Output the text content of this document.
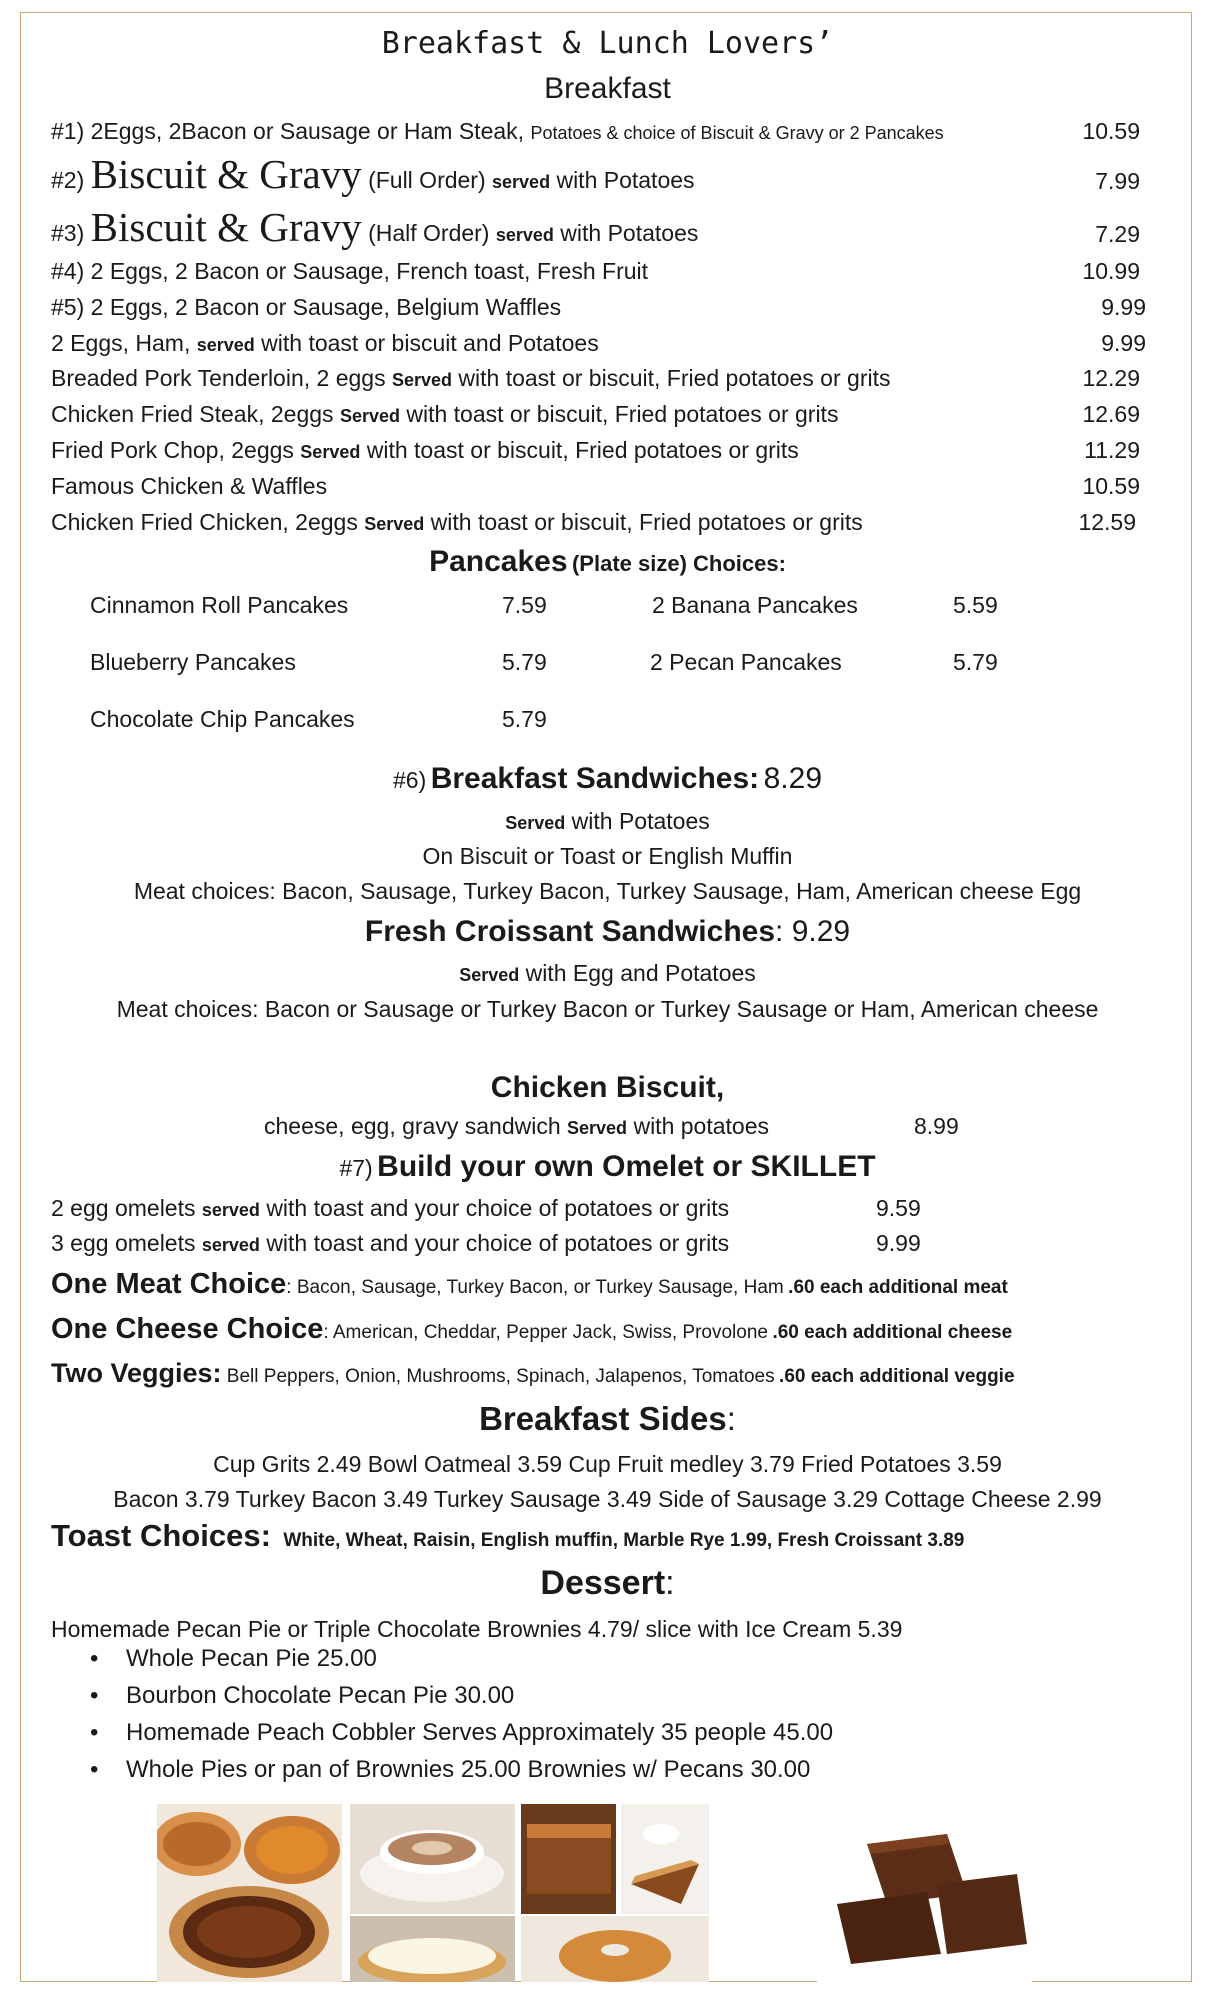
Breakfast & Lunch Lovers’
Breakfast
#1) 2Eggs, 2Bacon or Sausage or Ham Steak, Potatoes & choice of Biscuit & Gravy or 2 Pancakes	10.59
#2) Biscuit & Gravy (Full Order) served with Potatoes	7.99
#3) Biscuit & Gravy (Half Order) served with Potatoes	7.29
#4) 2 Eggs, 2 Bacon or Sausage, French toast, Fresh Fruit	10.99
#5) 2 Eggs, 2 Bacon or Sausage, Belgium Waffles	9.99
2 Eggs, Ham, served with toast or biscuit and Potatoes	9.99
Breaded Pork Tenderloin, 2 eggs Served with toast or biscuit, Fried potatoes or grits	12.29
Chicken Fried Steak, 2eggs Served with toast or biscuit, Fried potatoes or grits	12.69
Fried Pork Chop, 2eggs Served with toast or biscuit, Fried potatoes or grits	11.29
Famous Chicken & Waffles	10.59
Chicken Fried Chicken, 2eggs Served with toast or biscuit, Fried potatoes or grits	12.59
Pancakes (Plate size) Choices:
Cinnamon Roll Pancakes	7.59	2 Banana Pancakes	5.59
Blueberry Pancakes	5.79	2 Pecan Pancakes	5.79
Chocolate Chip Pancakes	5.79
#6) Breakfast Sandwiches: 8.29
Served with Potatoes
On Biscuit or Toast or English Muffin
Meat choices: Bacon, Sausage, Turkey Bacon, Turkey Sausage, Ham, American cheese Egg
Fresh Croissant Sandwiches: 9.29
Served with Egg and Potatoes
Meat choices: Bacon or Sausage or Turkey Bacon or Turkey Sausage or Ham, American cheese
Chicken Biscuit,
cheese, egg, gravy sandwich Served with potatoes	8.99
#7) Build your own Omelet or SKILLET
2 egg omelets served with toast and your choice of potatoes or grits	9.59
3 egg omelets served with toast and your choice of potatoes or grits	9.99
One Meat Choice: Bacon, Sausage, Turkey Bacon, or Turkey Sausage, Ham .60 each additional meat
One Cheese Choice: American, Cheddar, Pepper Jack, Swiss, Provolone .60 each additional cheese
Two Veggies: Bell Peppers, Onion, Mushrooms, Spinach, Jalapenos, Tomatoes .60 each additional veggie
Breakfast Sides:
Cup Grits 2.49 Bowl Oatmeal 3.59 Cup Fruit medley 3.79 Fried Potatoes 3.59
Bacon 3.79 Turkey Bacon 3.49 Turkey Sausage 3.49 Side of Sausage 3.29 Cottage Cheese 2.99
Toast Choices: White, Wheat, Raisin, English muffin, Marble Rye 1.99, Fresh Croissant 3.89
Dessert:
Homemade Pecan Pie or Triple Chocolate Brownies 4.79/ slice with Ice Cream 5.39
• Whole Pecan Pie 25.00
• Bourbon Chocolate Pecan Pie 30.00
• Homemade Peach Cobbler Serves Approximately 35 people 45.00
• Whole Pies or pan of Brownies 25.00 Brownies w/ Pecans 30.00
